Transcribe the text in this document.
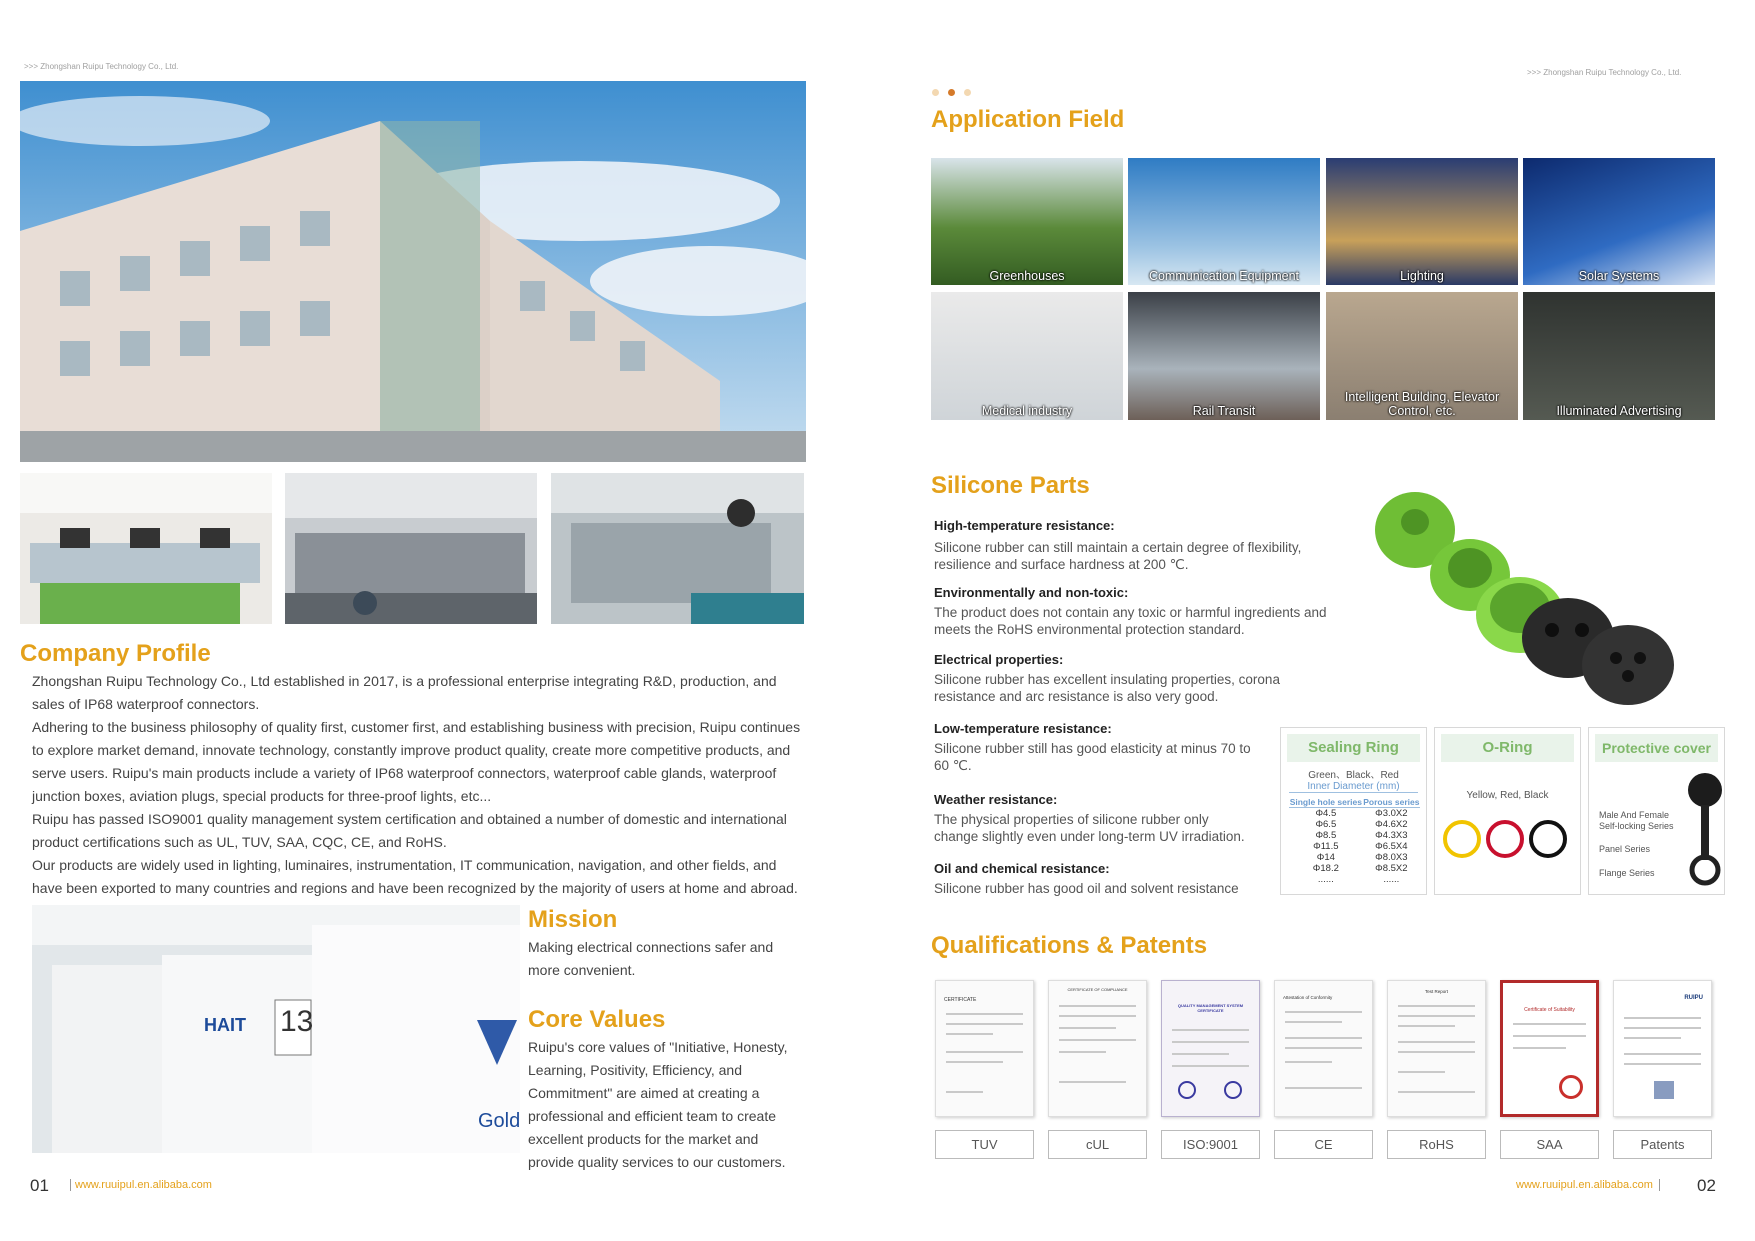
>>> Zhongshan Ruipu Technology Co., Ltd.
Company Profile

Zhongshan Ruipu Technology Co., Ltd established in 2017, is a professional enterprise integrating R&D, production, and sales of IP68 waterproof connectors.

Adhering to the business philosophy of quality first, customer first, and establishing business with precision, Ruipu continues to explore market demand, innovate technology, constantly improve product quality, create more competitive products, and serve users. Ruipu's main products include a variety of IP68 waterproof connectors, waterproof cable glands, waterproof junction boxes, aviation plugs, special products for three-proof lights, etc...

Ruipu has passed ISO9001 quality management system certification and obtained a number of domestic and international product certifications such as UL, TUV, SAA, CQC, CE, and RoHS.

Our products are widely used in lighting, luminaires, instrumentation, IT communication, navigation, and other fields, and have been exported to many countries and regions and have been recognized by the majority of users at home and abroad.

HAIT 13
Gold
Mission

Making electrical connections safer and more convenient.

Core Values

Ruipu's core values of "Initiative, Honesty, Learning, Positivity, Efficiency, and Commitment" are aimed at creating a professional and efficient team to create excellent products for the market and provide quality services to our customers.

01	www.ruuipul.en.alibaba.com
>>> Zhongshan Ruipu Technology Co., Ltd.
Application Field
Greenhouses	Communication Equipment	Lighting	Solar Systems
Medical industry	Rail Transit
Intelligent Building, Elevator Control, etc.	Illuminated Advertising
Silicone Parts
High-temperature resistance:
Silicone rubber can still maintain a certain degree of flexibility, resilience and surface hardness at 200 ℃.
Environmentally and non-toxic:
The product does not contain any toxic or harmful ingredients and meets the RoHS environmental protection standard.
Electrical properties:
Silicone rubber has excellent insulating properties, corona resistance and arc resistance is also very good.
Low-temperature resistance:
Silicone rubber still has good elasticity at minus 70 to 60 ℃.
Weather resistance:
The physical properties of silicone rubber only change slightly even under long-term UV irradiation.
Oil and chemical resistance:
Silicone rubber has good oil and solvent resistance
Sealing Ring
Green、Black、Red
Inner Diameter (mm)
Single hole series	Porous series
Φ4.5	Φ3.0X2
Φ6.5	Φ4.6X2
Φ8.5	Φ4.3X3
Φ11.5	Φ6.5X4
Φ14	Φ8.0X3
Φ18.2	Φ8.5X2
......	......
O-Ring
Yellow, Red, Black
Protective cover
Male And Female Self-locking Series
Panel Series
Flange Series
Qualifications & Patents
CERTIFICATE
CERTIFICATE OF COMPLIANCE
QUALITY MANAGEMENT SYSTEM CERTIFICATE
Attestation of Conformity
Test Report
Certificate of Suitability
RUIPU
TUV	cUL	ISO:9001	CE	RoHS	SAA	Patents
www.ruuipul.en.alibaba.com	02
